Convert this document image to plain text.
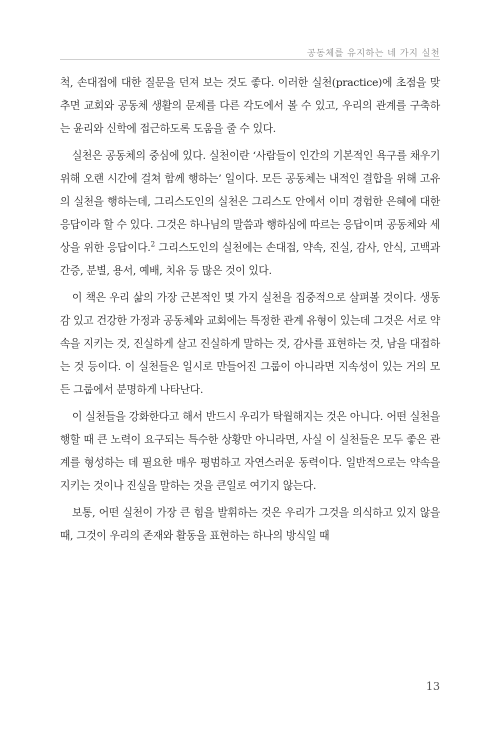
공동체를 유지하는 네 가지 실천

척, 손대접에 대한 질문을 던져 보는 것도 좋다. 이러한 실천(practice)에 초점을 맞추면 교회와 공동체 생활의 문제를 다른 각도에서 볼 수 있고, 우리의 관계를 구축하는 윤리와 신학에 접근하도록 도움을 줄 수 있다.

실천은 공동체의 중심에 있다. 실천이란 ‘사람들이 인간의 기본적인 욕구를 채우기 위해 오랜 시간에 걸쳐 함께 행하는’ 일이다. 모든 공동체는 내적인 결합을 위해 고유의 실천을 행하는데, 그리스도인의 실천은 그리스도 안에서 이미 경험한 은혜에 대한 응답이라 할 수 있다. 그것은 하나님의 말씀과 행하심에 따르는 응답이며 공동체와 세상을 위한 응답이다.$^2$ 그리스도인의 실천에는 손대접, 약속, 진실, 감사, 안식, 고백과 간증, 분별, 용서, 예배, 치유 등 많은 것이 있다.

이 책은 우리 삶의 가장 근본적인 몇 가지 실천을 집중적으로 살펴볼 것이다. 생동감 있고 건강한 가정과 공동체와 교회에는 특정한 관계 유형이 있는데 그것은 서로 약속을 지키는 것, 진실하게 살고 진실하게 말하는 것, 감사를 표현하는 것, 남을 대접하는 것 등이다. 이 실천들은 일시로 만들어진 그룹이 아니라면 지속성이 있는 거의 모든 그룹에서 분명하게 나타난다.

이 실천들을 강화한다고 해서 반드시 우리가 탁월해지는 것은 아니다. 어떤 실천을 행할 때 큰 노력이 요구되는 특수한 상황만 아니라면, 사실 이 실천들은 모두 좋은 관계를 형성하는 데 필요한 매우 평범하고 자연스러운 동력이다. 일반적으로는 약속을 지키는 것이나 진실을 말하는 것을 큰일로 여기지 않는다.

보통, 어떤 실천이 가장 큰 힘을 발휘하는 것은 우리가 그것을 의식하고 있지 않을 때, 그것이 우리의 존재와 활동을 표현하는 하나의 방식일 때

13
